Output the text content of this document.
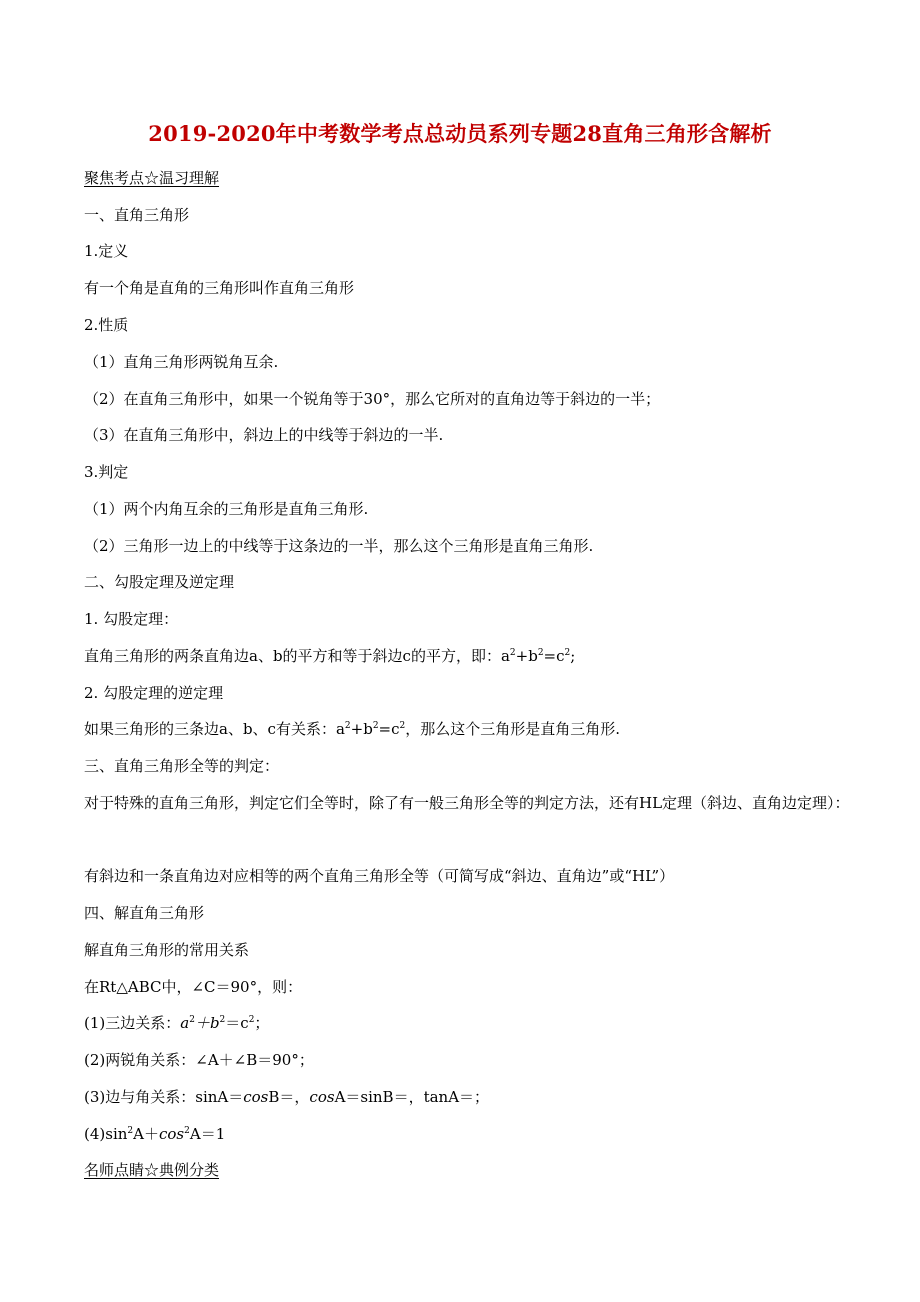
2019-2020年中考数学考点总动员系列专题28直角三角形含解析
聚焦考点☆温习理解
一、直角三角形
1.定义
有一个角是直角的三角形叫作直角三角形
2.性质
（1）直角三角形两锐角互余.
（2）在直角三角形中，如果一个锐角等于30°，那么它所对的直角边等于斜边的一半；
（3）在直角三角形中，斜边上的中线等于斜边的一半.
3.判定
（1）两个内角互余的三角形是直角三角形.
（2）三角形一边上的中线等于这条边的一半，那么这个三角形是直角三角形.
二、勾股定理及逆定理
1. 勾股定理：
直角三角形的两条直角边a、b的平方和等于斜边c的平方，即：$a^2+b^2=c^2$;
2. 勾股定理的逆定理
如果三角形的三条边a、b、c有关系：$a^2+b^2=c^2$，那么这个三角形是直角三角形.
三、直角三角形全等的判定：
对于特殊的直角三角形，判定它们全等时，除了有一般三角形全等的判定方法，还有HL定理（斜边、直角边定理）：
有斜边和一条直角边对应相等的两个直角三角形全等（可简写成“斜边、直角边”或“HL”）
四、解直角三角形
解直角三角形的常用关系
在Rt△ABC中，∠C＝90°，则：
(1)三边关系：$a^2+b^2=c^2$；
(2)两锐角关系：∠A＋∠B＝90°；
(3)边与角关系：sinA＝cosB＝，cosA＝sinB＝，tanA＝；
$(4)\sin^2A+\cos^2A=1$
名师点睛☆典例分类
